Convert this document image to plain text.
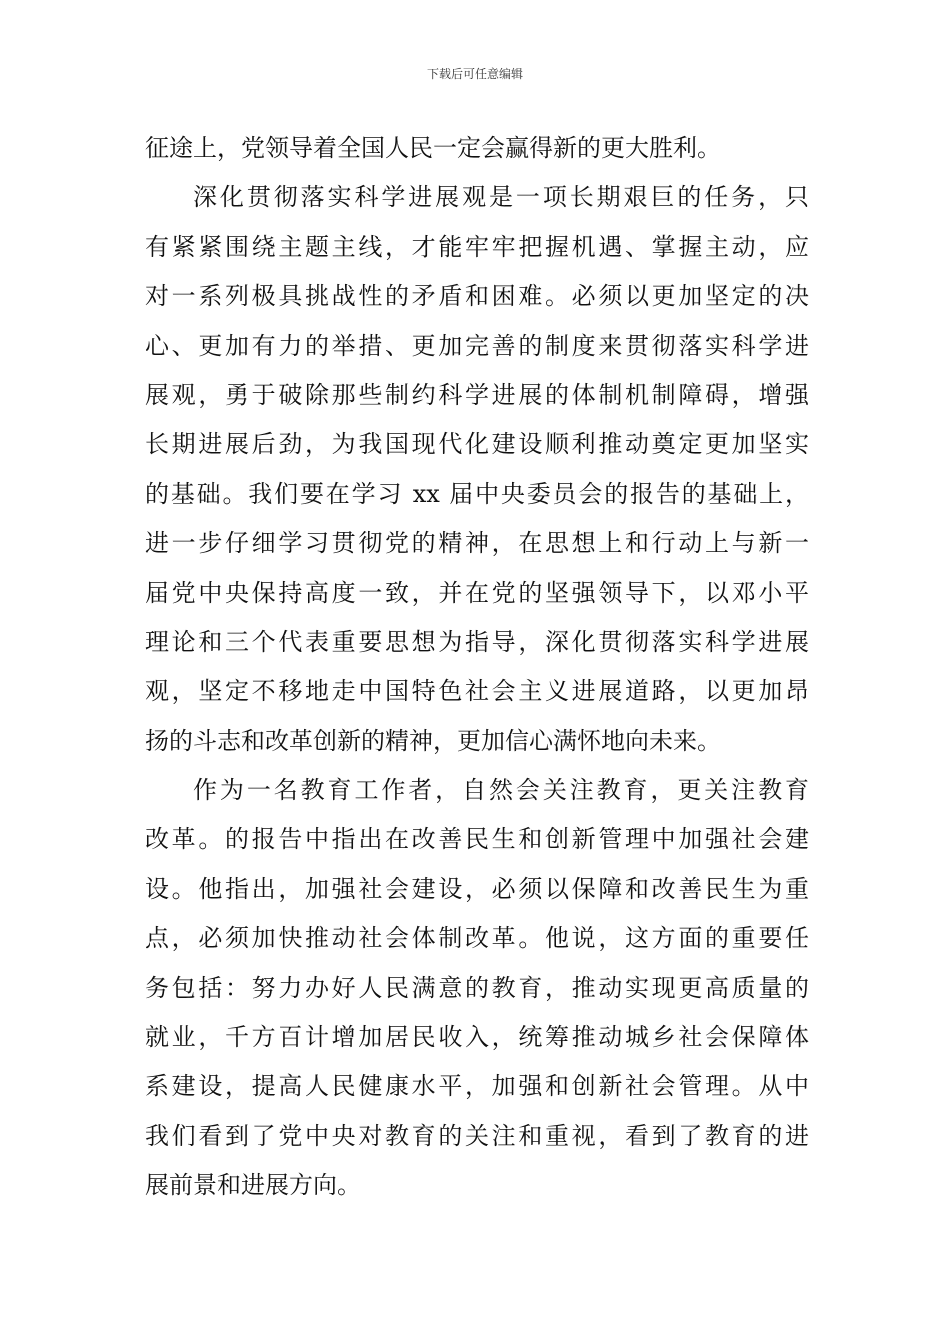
下载后可任意编辑
征途上，党领导着全国人民一定会赢得新的更大胜利。
深化贯彻落实科学进展观是一项长期艰巨的任务，只
有紧紧围绕主题主线，才能牢牢把握机遇、掌握主动，应
对一系列极具挑战性的矛盾和困难。必须以更加坚定的决
心、更加有力的举措、更加完善的制度来贯彻落实科学进
展观，勇于破除那些制约科学进展的体制机制障碍，增强
长期进展后劲，为我国现代化建设顺利推动奠定更加坚实
的基础。我们要在学习 xx 届中央委员会的报告的基础上，
进一步仔细学习贯彻党的精神，在思想上和行动上与新一
届党中央保持高度一致，并在党的坚强领导下，以邓小平
理论和三个代表重要思想为指导，深化贯彻落实科学进展
观，坚定不移地走中国特色社会主义进展道路，以更加昂
扬的斗志和改革创新的精神，更加信心满怀地向未来。
作为一名教育工作者，自然会关注教育，更关注教育
改革。的报告中指出在改善民生和创新管理中加强社会建
设。他指出，加强社会建设，必须以保障和改善民生为重
点，必须加快推动社会体制改革。他说，这方面的重要任
务包括：努力办好人民满意的教育，推动实现更高质量的
就业，千方百计增加居民收入，统筹推动城乡社会保障体
系建设，提高人民健康水平，加强和创新社会管理。从中
我们看到了党中央对教育的关注和重视，看到了教育的进
展前景和进展方向。
